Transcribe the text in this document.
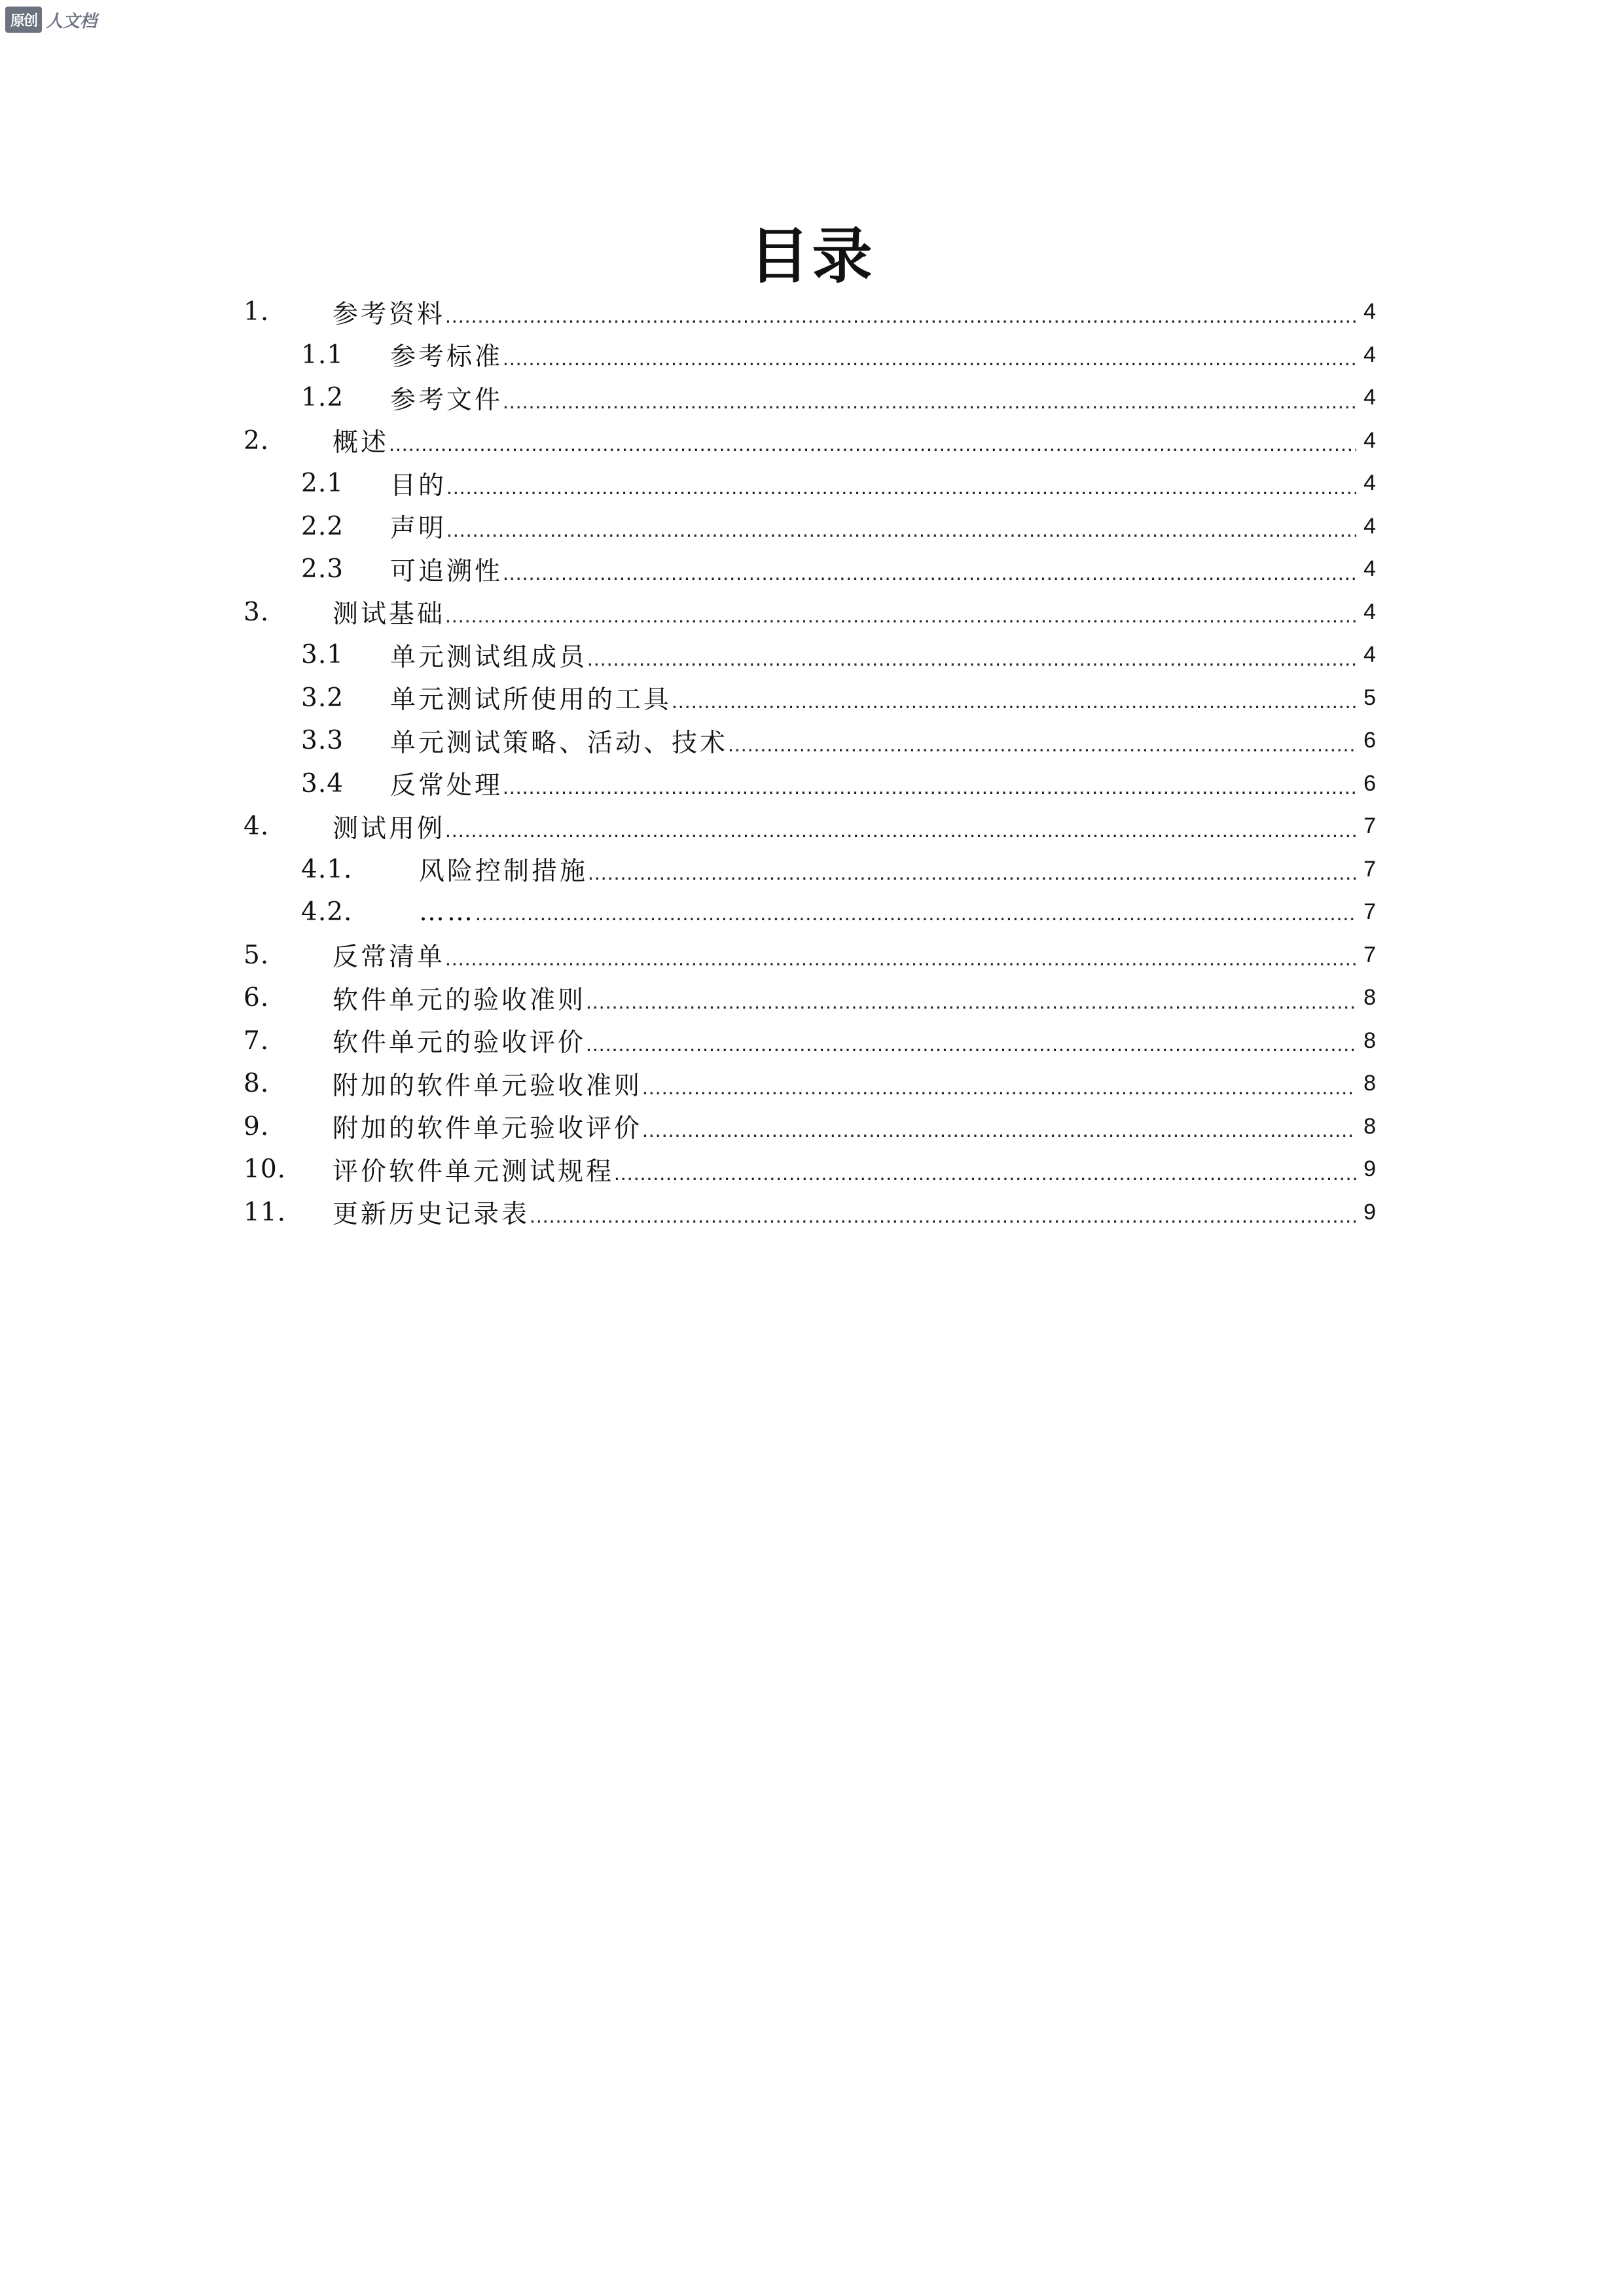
原创 人文档
目录
1. 参考资料 .....	4
1.1 参考标准 .....	4
1.2 参考文件 .....	4
2. 概述 .....	4
2.1 目的 .....	4
2.2 声明 .....	4
2.3 可追溯性 .....	4
3. 测试基础 .....	4
3.1 单元测试组成员 .....	4
3.2 单元测试所使用的工具 .....	5
3.3 单元测试策略、活动、技术 .....	6
3.4 反常处理 .....	6
4. 测试用例 .....	7
4.1.	风险控制措施 .....	7
4.2.	…… .....	7
5. 反常清单 .....	7
6. 软件单元的验收准则 .....	8
7. 软件单元的验收评价 .....	8
8. 附加的软件单元验收准则 .....	8
9. 附加的软件单元验收评价 .....	8
10. 评价软件单元测试规程 .....	9
11. 更新历史记录表 .....	9
